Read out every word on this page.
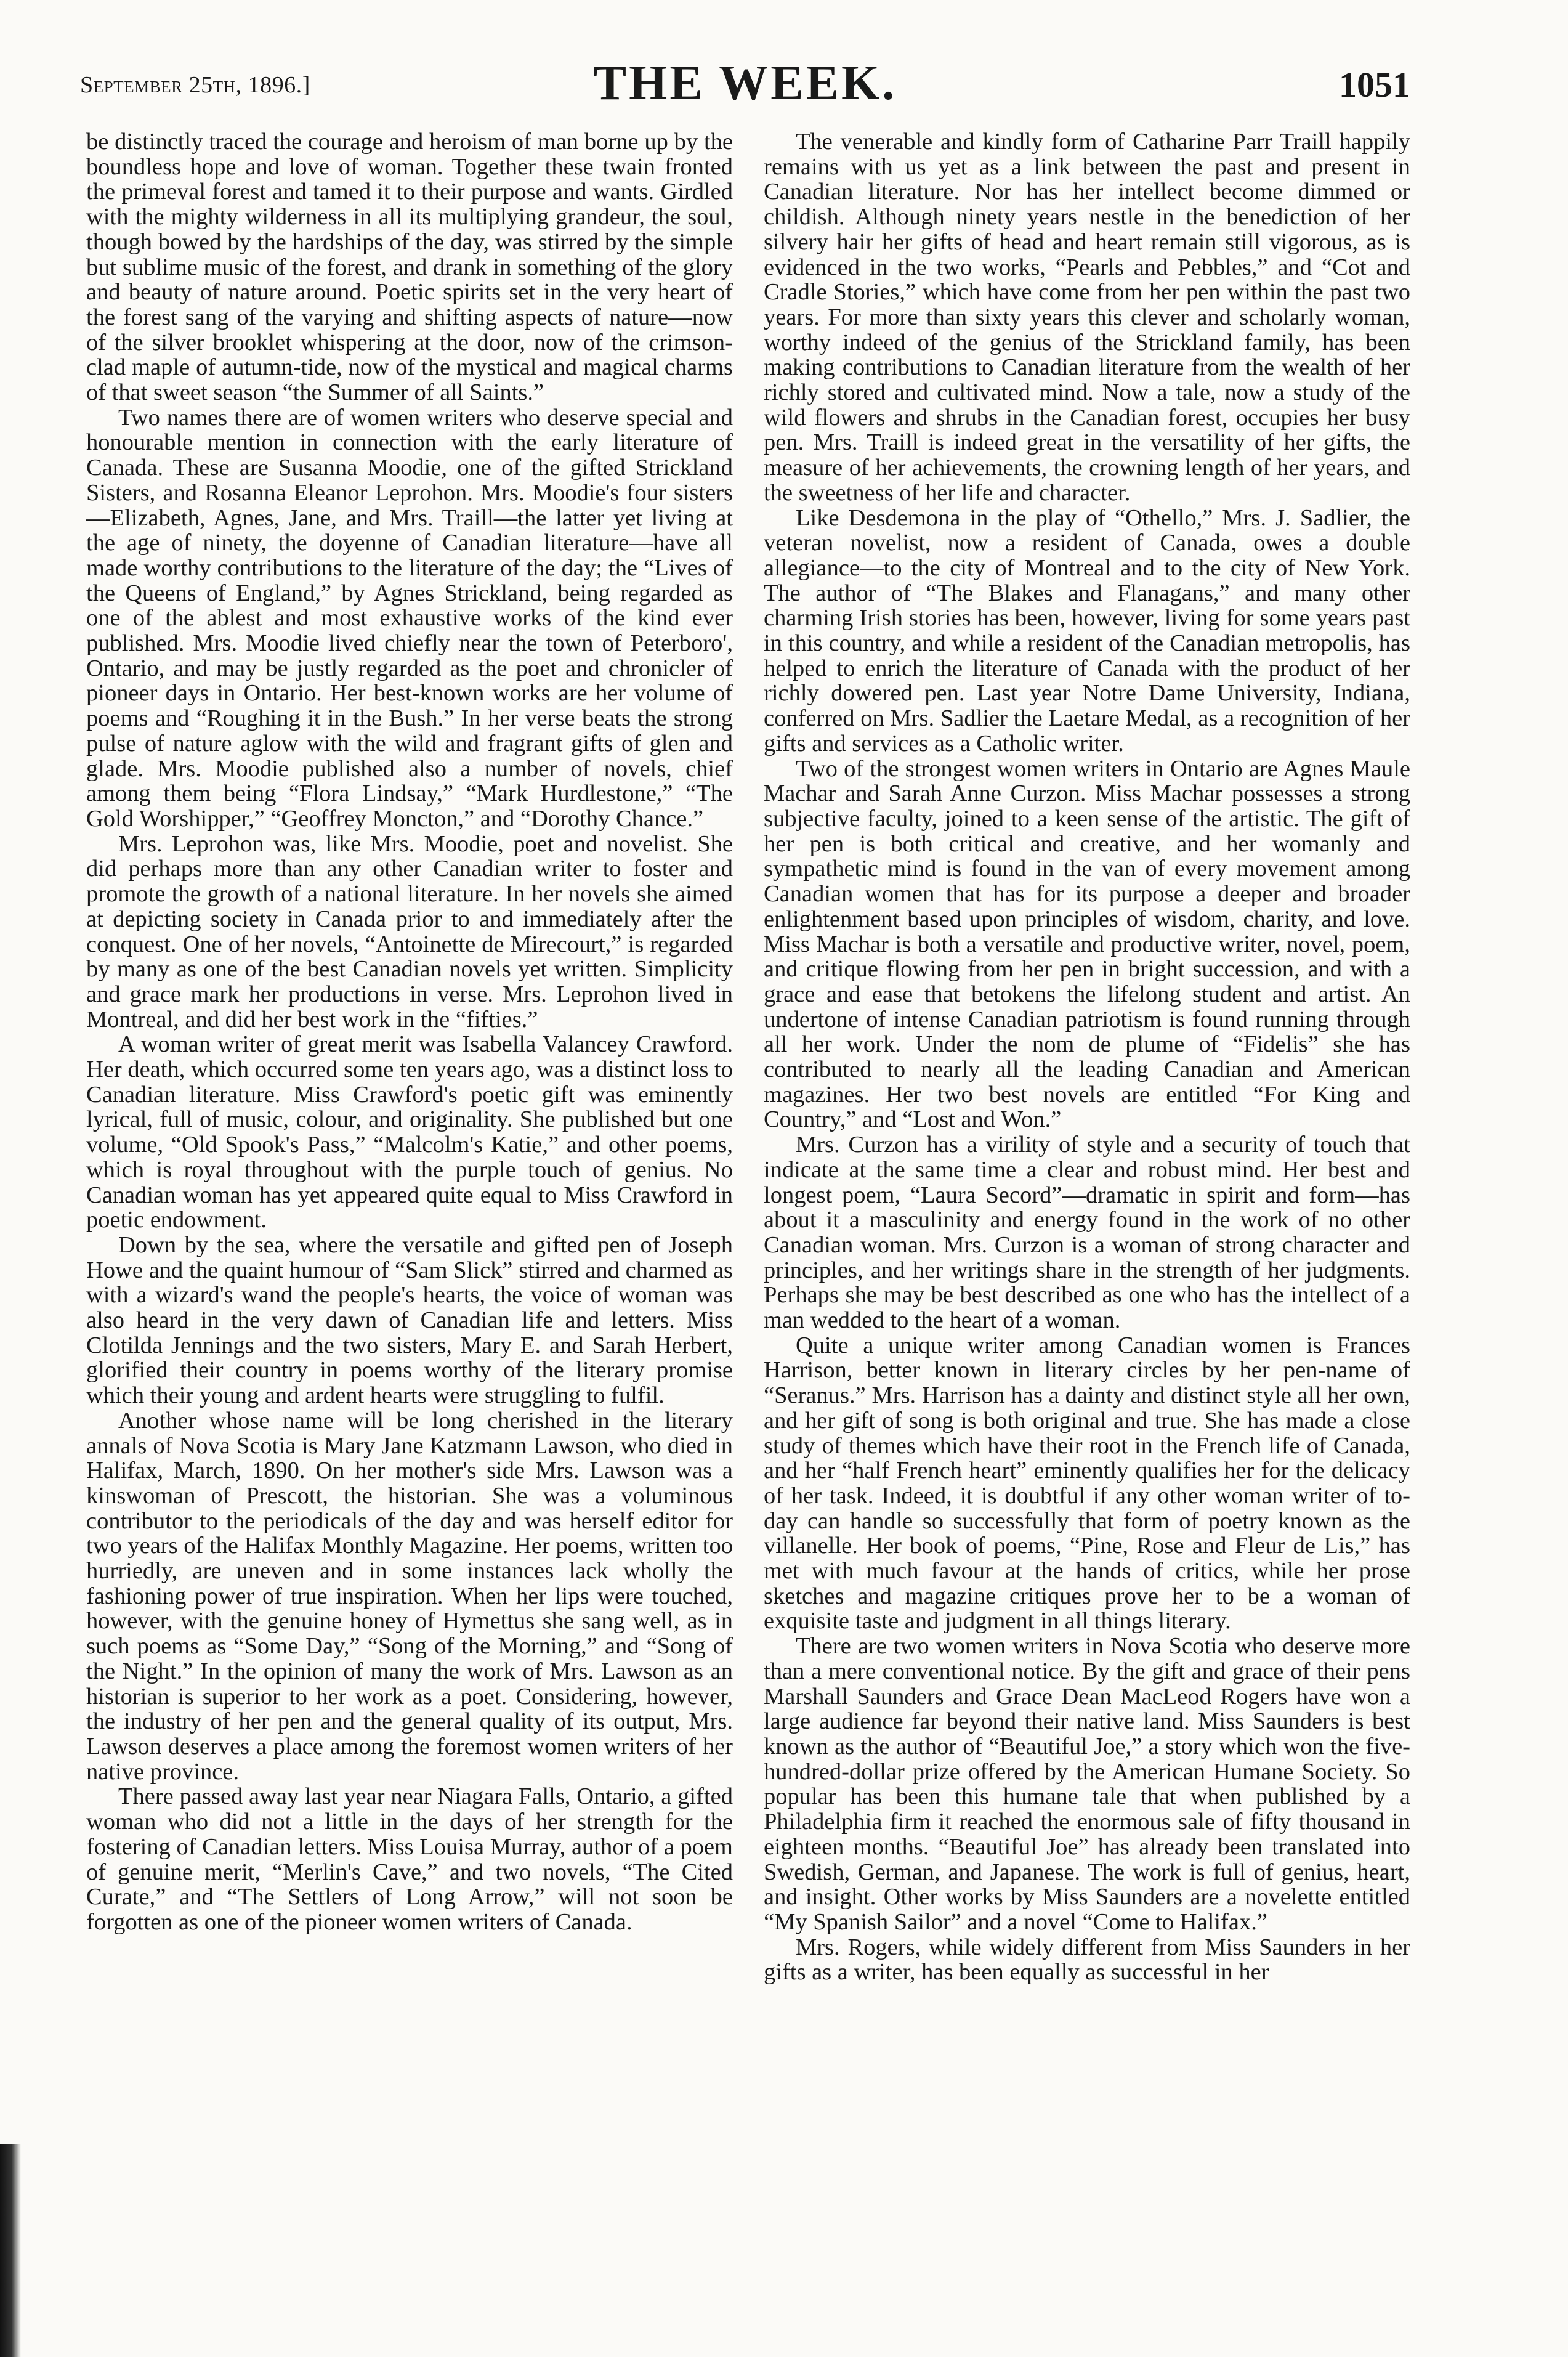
September 25th, 1896.]	THE WEEK.	1051

be distinctly traced the courage and heroism of man borne up by the boundless hope and love of woman. Together these twain fronted the primeval forest and tamed it to their purpose and wants. Girdled with the mighty wilderness in all its multiplying grandeur, the soul, though bowed by the hardships of the day, was stirred by the simple but sublime music of the forest, and drank in something of the glory and beauty of nature around. Poetic spirits set in the very heart of the forest sang of the varying and shifting aspects of nature—now of the silver brooklet whispering at the door, now of the crimson-clad maple of autumn-tide, now of the mystical and magical charms of that sweet season “the Summer of all Saints.”

Two names there are of women writers who deserve special and honourable mention in connection with the early literature of Canada. These are Susanna Moodie, one of the gifted Strickland Sisters, and Rosanna Eleanor Leprohon. Mrs. Moodie's four sisters—Elizabeth, Agnes, Jane, and Mrs. Traill—the latter yet living at the age of ninety, the doyenne of Canadian literature—have all made worthy contributions to the literature of the day; the “Lives of the Queens of England,” by Agnes Strickland, being regarded as one of the ablest and most exhaustive works of the kind ever published. Mrs. Moodie lived chiefly near the town of Peterboro', Ontario, and may be justly regarded as the poet and chronicler of pioneer days in Ontario. Her best-known works are her volume of poems and “Roughing it in the Bush.” In her verse beats the strong pulse of nature aglow with the wild and fragrant gifts of glen and glade. Mrs. Moodie published also a number of novels, chief among them being “Flora Lindsay,” “Mark Hurdlestone,” “The Gold Worshipper,” “Geoffrey Moncton,” and “Dorothy Chance.”

Mrs. Leprohon was, like Mrs. Moodie, poet and novelist. She did perhaps more than any other Canadian writer to foster and promote the growth of a national literature. In her novels she aimed at depicting society in Canada prior to and immediately after the conquest. One of her novels, “Antoinette de Mirecourt,” is regarded by many as one of the best Canadian novels yet written. Simplicity and grace mark her productions in verse. Mrs. Leprohon lived in Montreal, and did her best work in the “fifties.”

A woman writer of great merit was Isabella Valancey Crawford. Her death, which occurred some ten years ago, was a distinct loss to Canadian literature. Miss Crawford's poetic gift was eminently lyrical, full of music, colour, and originality. She published but one volume, “Old Spook's Pass,” “Malcolm's Katie,” and other poems, which is royal throughout with the purple touch of genius. No Canadian woman has yet appeared quite equal to Miss Crawford in poetic endowment.

Down by the sea, where the versatile and gifted pen of Joseph Howe and the quaint humour of “Sam Slick” stirred and charmed as with a wizard's wand the people's hearts, the voice of woman was also heard in the very dawn of Canadian life and letters. Miss Clotilda Jennings and the two sisters, Mary E. and Sarah Herbert, glorified their country in poems worthy of the literary promise which their young and ardent hearts were struggling to fulfil.

Another whose name will be long cherished in the literary annals of Nova Scotia is Mary Jane Katzmann Lawson, who died in Halifax, March, 1890. On her mother's side Mrs. Lawson was a kinswoman of Prescott, the historian. She was a voluminous contributor to the periodicals of the day and was herself editor for two years of the Halifax Monthly Magazine. Her poems, written too hurriedly, are uneven and in some instances lack wholly the fashioning power of true inspiration. When her lips were touched, however, with the genuine honey of Hymettus she sang well, as in such poems as “Some Day,” “Song of the Morning,” and “Song of the Night.” In the opinion of many the work of Mrs. Lawson as an historian is superior to her work as a poet. Considering, however, the industry of her pen and the general quality of its output, Mrs. Lawson deserves a place among the foremost women writers of her native province.

There passed away last year near Niagara Falls, Ontario, a gifted woman who did not a little in the days of her strength for the fostering of Canadian letters. Miss Louisa Murray, author of a poem of genuine merit, “Merlin's Cave,” and two novels, “The Cited Curate,” and “The Settlers of Long Arrow,” will not soon be forgotten as one of the pioneer women writers of Canada.

The venerable and kindly form of Catharine Parr Traill happily remains with us yet as a link between the past and present in Canadian literature. Nor has her intellect become dimmed or childish. Although ninety years nestle in the benediction of her silvery hair her gifts of head and heart remain still vigorous, as is evidenced in the two works, “Pearls and Pebbles,” and “Cot and Cradle Stories,” which have come from her pen within the past two years. For more than sixty years this clever and scholarly woman, worthy indeed of the genius of the Strickland family, has been making contributions to Canadian literature from the wealth of her richly stored and cultivated mind. Now a tale, now a study of the wild flowers and shrubs in the Canadian forest, occupies her busy pen. Mrs. Traill is indeed great in the versatility of her gifts, the measure of her achievements, the crowning length of her years, and the sweetness of her life and character.

Like Desdemona in the play of “Othello,” Mrs. J. Sadlier, the veteran novelist, now a resident of Canada, owes a double allegiance—to the city of Montreal and to the city of New York. The author of “The Blakes and Flanagans,” and many other charming Irish stories has been, however, living for some years past in this country, and while a resident of the Canadian metropolis, has helped to enrich the literature of Canada with the product of her richly dowered pen. Last year Notre Dame University, Indiana, conferred on Mrs. Sadlier the Laetare Medal, as a recognition of her gifts and services as a Catholic writer.

Two of the strongest women writers in Ontario are Agnes Maule Machar and Sarah Anne Curzon. Miss Machar possesses a strong subjective faculty, joined to a keen sense of the artistic. The gift of her pen is both critical and creative, and her womanly and sympathetic mind is found in the van of every movement among Canadian women that has for its purpose a deeper and broader enlightenment based upon principles of wisdom, charity, and love. Miss Machar is both a versatile and productive writer, novel, poem, and critique flowing from her pen in bright succession, and with a grace and ease that betokens the lifelong student and artist. An undertone of intense Canadian patriotism is found running through all her work. Under the nom de plume of “Fidelis” she has contributed to nearly all the leading Canadian and American magazines. Her two best novels are entitled “For King and Country,” and “Lost and Won.”

Mrs. Curzon has a virility of style and a security of touch that indicate at the same time a clear and robust mind. Her best and longest poem, “Laura Secord”—dramatic in spirit and form—has about it a masculinity and energy found in the work of no other Canadian woman. Mrs. Curzon is a woman of strong character and principles, and her writings share in the strength of her judgments. Perhaps she may be best described as one who has the intellect of a man wedded to the heart of a woman.

Quite a unique writer among Canadian women is Frances Harrison, better known in literary circles by her pen-name of “Seranus.” Mrs. Harrison has a dainty and distinct style all her own, and her gift of song is both original and true. She has made a close study of themes which have their root in the French life of Canada, and her “half French heart” eminently qualifies her for the delicacy of her task. Indeed, it is doubtful if any other woman writer of to-day can handle so successfully that form of poetry known as the villanelle. Her book of poems, “Pine, Rose and Fleur de Lis,” has met with much favour at the hands of critics, while her prose sketches and magazine critiques prove her to be a woman of exquisite taste and judgment in all things literary.

There are two women writers in Nova Scotia who deserve more than a mere conventional notice. By the gift and grace of their pens Marshall Saunders and Grace Dean MacLeod Rogers have won a large audience far beyond their native land. Miss Saunders is best known as the author of “Beautiful Joe,” a story which won the five-hundred-dollar prize offered by the American Humane Society. So popular has been this humane tale that when published by a Philadelphia firm it reached the enormous sale of fifty thousand in eighteen months. “Beautiful Joe” has already been translated into Swedish, German, and Japanese. The work is full of genius, heart, and insight. Other works by Miss Saunders are a novelette entitled “My Spanish Sailor” and a novel “Come to Halifax.”

Mrs. Rogers, while widely different from Miss Saunders in her gifts as a writer, has been equally as successful in her
